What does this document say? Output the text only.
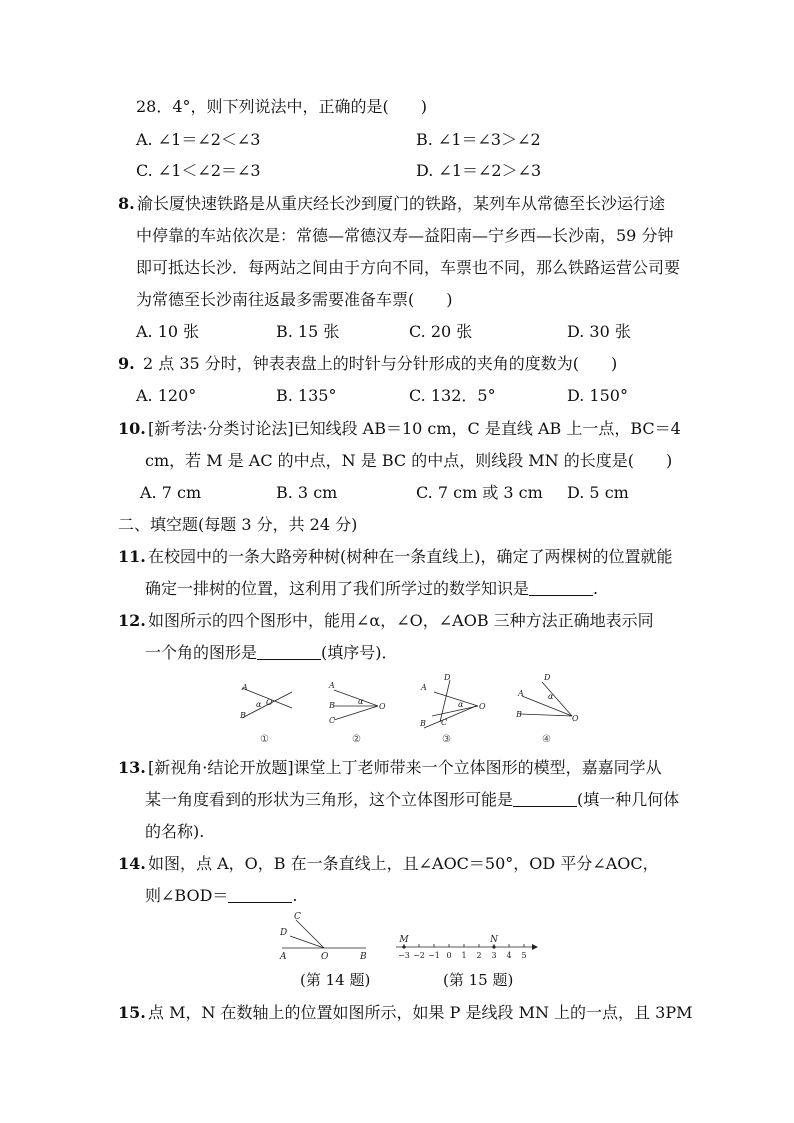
28．4°，则下列说法中，正确的是(　　)
A. ∠1＝∠2＜∠3	B. ∠1＝∠3＞∠2
C. ∠1＜∠2＝∠3	D. ∠1＝∠2＞∠3
8. 渝长厦快速铁路是从重庆经长沙到厦门的铁路，某列车从常德至长沙运行途
中停靠的车站依次是：常德—常德汉寿—益阳南—宁乡西—长沙南，59 分钟
即可抵达长沙．每两站之间由于方向不同，车票也不同，那么铁路运营公司要
为常德至长沙南往返最多需要准备车票(　　)
A. 10 张	B. 15 张	C. 20 张	D. 30 张
9. 2 点 35 分时，钟表表盘上的时针与分针形成的夹角的度数为(　　)
A. 120°	B. 135°	C. 132．5°	D. 150°
10. [新考法·分类讨论法]已知线段 AB＝10 cm，C 是直线 AB 上一点，BC＝4
cm，若 M 是 AC 的中点，N 是 BC 的中点，则线段 MN 的长度是(　　)
A. 7 cm	B. 3 cm	C. 7 cm 或 3 cm D. 5 cm
二、填空题(每题 3 分，共 24 分)
11. 在校园中的一条大路旁种树(树种在一条直线上)，确定了两棵树的位置就能
确定一排树的位置，这利用了我们所学过的数学知识是	.
12. 如图所示的四个图形中，能用∠α，∠O，∠AOB 三种方法正确地表示同
一个角的图形是	(填序号)．
A
B
O
α
A
B
C
O
α
A
D
B C
O
α
D
A
B	O
α
①	②	③	④
13. [新视角·结论开放题]课堂上丁老师带来一个立体图形的模型，嘉嘉同学从
某一角度看到的形状为三角形，这个立体图形可能是	(填一种几何体
的名称).
14. 如图，点 A，O，B 在一条直线上，且∠AOC＝50°，OD 平分∠AOC，
则∠BOD＝	.
C
D
A	O	B	−3 −2 −1 0 1 2 3 4 5
M	N
(第 14 题)	(第 15 题)
15. 点 M，N 在数轴上的位置如图所示，如果 P 是线段 MN 上的一点，且 3PM
